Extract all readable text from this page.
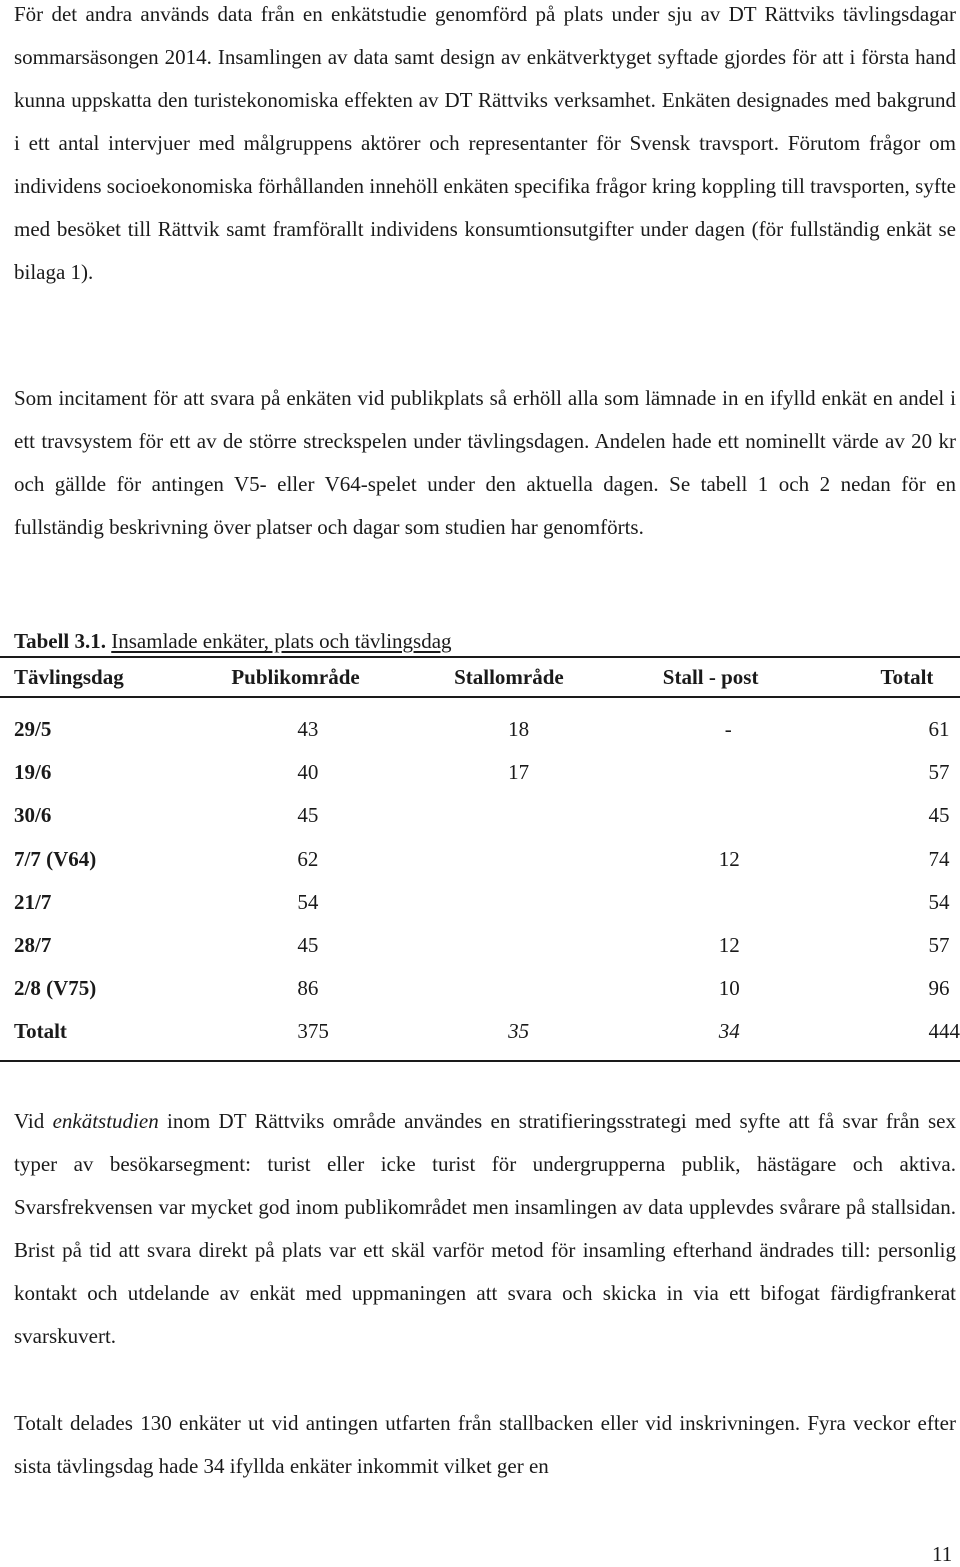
För det andra används data från en enkätstudie genomförd på plats under sju av DT Rättviks tävlingsdagar sommarsäsongen 2014. Insamlingen av data samt design av enkätverktyget syftade gjordes för att i första hand kunna uppskatta den turistekonomiska effekten av DT Rättviks verksamhet. Enkäten designades med bakgrund i ett antal intervjuer med målgruppens aktörer och representanter för Svensk travsport. Förutom frågor om individens socioekonomiska förhållanden innehöll enkäten specifika frågor kring koppling till travsporten, syfte med besöket till Rättvik samt framförallt individens konsumtionsutgifter under dagen (för fullständig enkät se bilaga 1).

Som incitament för att svara på enkäten vid publikplats så erhöll alla som lämnade in en ifylld enkät en andel i ett travsystem för ett av de större streckspelen under tävlingsdagen. Andelen hade ett nominellt värde av 20 kr och gällde för antingen V5- eller V64-spelet under den aktuella dagen. Se tabell 1 och 2 nedan för en fullständig beskrivning över platser och dagar som studien har genomförts.

Tabell 3.1. Insamlade enkäter, plats och tävlingsdag

Tävlingsdag	Publikområde	Stallområde	Stall - post	Totalt
29/5	43	18	-	61
19/6	40	17		57
30/6	45			45
7/7 (V64)	62		12	74
21/7	54			54
28/7	45		12	57
2/8 (V75)	86		10	96
Totalt	375	35	34	444

Vid enkätstudien inom DT Rättviks område användes en stratifieringsstrategi med syfte att få svar från sex typer av besökarsegment: turist eller icke turist för undergrupperna publik, hästägare och aktiva. Svarsfrekvensen var mycket god inom publikområdet men insamlingen av data upplevdes svårare på stallsidan. Brist på tid att svara direkt på plats var ett skäl varför metod för insamling efterhand ändrades till: personlig kontakt och utdelande av enkät med uppmaningen att svara och skicka in via ett bifogat färdigfrankerat svarskuvert.

Totalt delades 130 enkäter ut vid antingen utfarten från stallbacken eller vid inskrivningen. Fyra veckor efter sista tävlingsdag hade 34 ifyllda enkäter inkommit vilket ger en

11
